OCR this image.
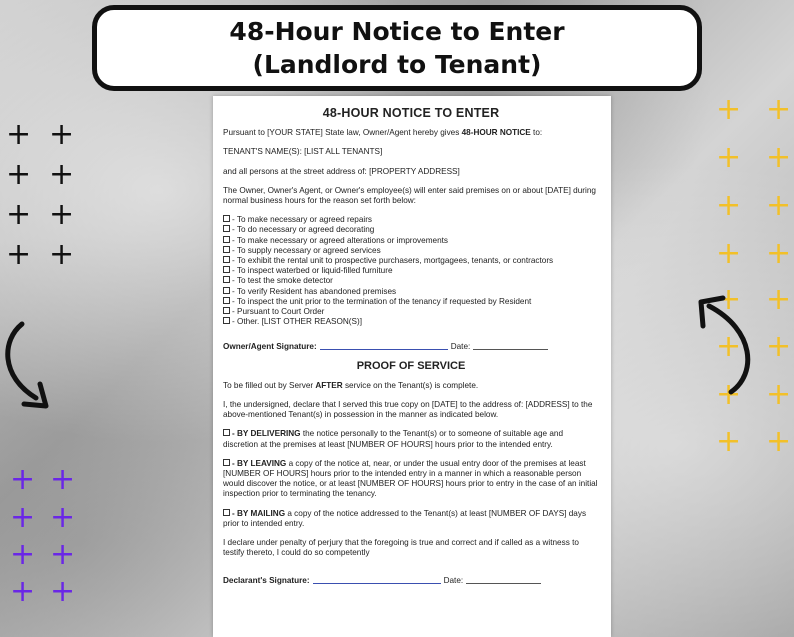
48-Hour Notice to Enter
(Landlord to Tenant)
+ +
+ +
+ +
+ +
+ +
+ +
+ +
+ +
+ +
+ +
+ +
+ +
+ +
+ +
+ +
+ +
48-HOUR NOTICE TO ENTER
Pursuant to [YOUR STATE] State law, Owner/Agent hereby gives 48-HOUR NOTICE to:
TENANT'S NAME(S): [LIST ALL TENANTS]
and all persons at the street address of: [PROPERTY ADDRESS]
The Owner, Owner's Agent, or Owner's employee(s) will enter said premises on or about [DATE] during normal business hours for the reason set forth below:
- To make necessary or agreed repairs
- To do necessary or agreed decorating
- To make necessary or agreed alterations or improvements
- To supply necessary or agreed services
- To exhibit the rental unit to prospective purchasers, mortgagees, tenants, or contractors
- To inspect waterbed or liquid-filled furniture
- To test the smoke detector
- To verify Resident has abandoned premises
- To inspect the unit prior to the termination of the tenancy if requested by Resident
- Pursuant to Court Order
- Other. [LIST OTHER REASON(S)]
Owner/Agent Signature:	Date:
PROOF OF SERVICE
To be filled out by Server AFTER service on the Tenant(s) is complete.
I, the undersigned, declare that I served this true copy on [DATE] to the address of: [ADDRESS] to the above-mentioned Tenant(s) in possession in the manner as indicated below.
- BY DELIVERING the notice personally to the Tenant(s) or to someone of suitable age and discretion at the premises at least [NUMBER OF HOURS] hours prior to the intended entry.
- BY LEAVING a copy of the notice at, near, or under the usual entry door of the premises at least [NUMBER OF HOURS] hours prior to the intended entry in a manner in which a reasonable person would discover the notice, or at least [NUMBER OF HOURS] hours prior to entry in the case of an initial inspection prior to terminating the tenancy.
- BY MAILING a copy of the notice addressed to the Tenant(s) at least [NUMBER OF DAYS] days prior to intended entry.
I declare under penalty of perjury that the foregoing is true and correct and if called as a witness to testify thereto, I could do so competently
Declarant's Signature:	Date:
